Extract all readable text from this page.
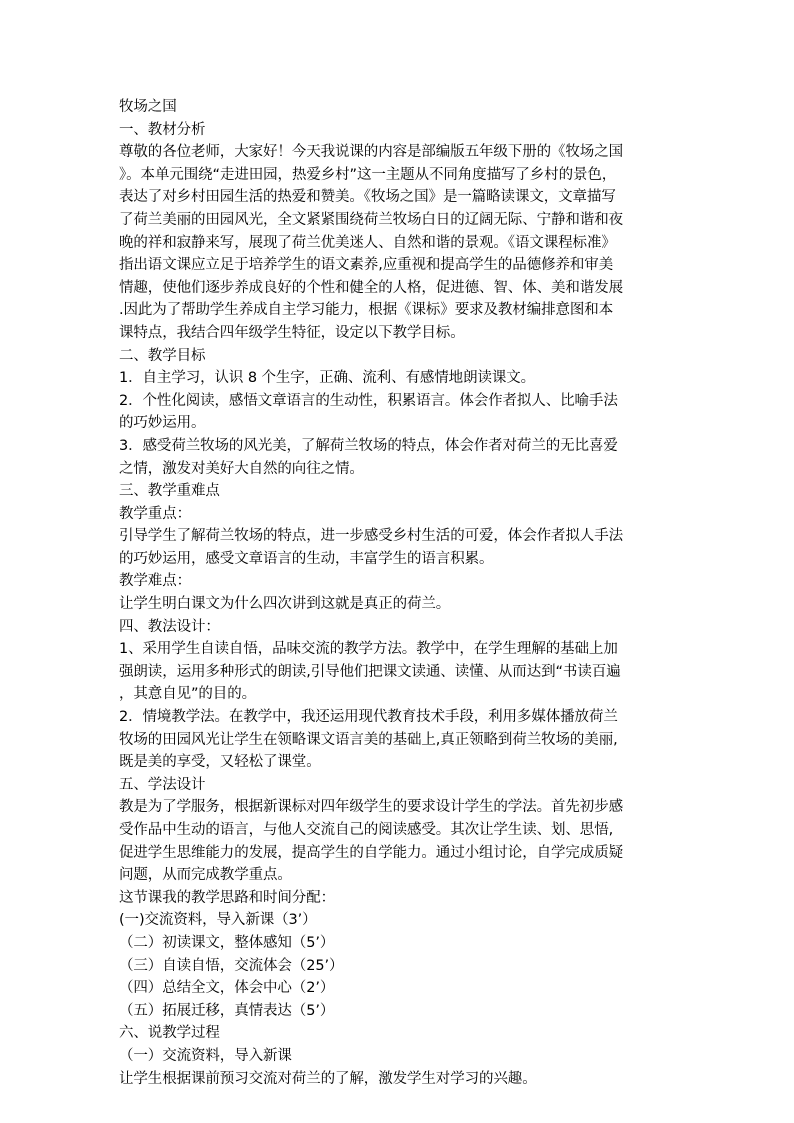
牧场之国
一、教材分析
尊敬的各位老师，大家好！今天我说课的内容是部编版五年级下册的《牧场之国
》。本单元围绕“走进田园，热爱乡村”这一主题从不同角度描写了乡村的景色，
表达了对乡村田园生活的热爱和赞美。《牧场之国》是一篇略读课文，文章描写
了荷兰美丽的田园风光，全文紧紧围绕荷兰牧场白日的辽阔无际、宁静和谐和夜
晚的祥和寂静来写，展现了荷兰优美迷人、自然和谐的景观。《语文课程标准》
指出语文课应立足于培养学生的语文素养,应重视和提高学生的品德修养和审美
情趣，使他们逐步养成良好的个性和健全的人格，促进德、智、体、美和谐发展
.因此为了帮助学生养成自主学习能力，根据《课标》要求及教材编排意图和本
课特点，我结合四年级学生特征，设定以下教学目标。
二、教学目标
1．自主学习，认识 8 个生字，正确、流利、有感情地朗读课文。
2．个性化阅读，感悟文章语言的生动性，积累语言。体会作者拟人、比喻手法
的巧妙运用。
3．感受荷兰牧场的风光美，了解荷兰牧场的特点，体会作者对荷兰的无比喜爱
之情，激发对美好大自然的向往之情。
三、教学重难点
教学重点：
引导学生了解荷兰牧场的特点，进一步感受乡村生活的可爱，体会作者拟人手法
的巧妙运用，感受文章语言的生动，丰富学生的语言积累。
教学难点：
让学生明白课文为什么四次讲到这就是真正的荷兰。
四、教法设计：
1、采用学生自读自悟，品味交流的教学方法。教学中，在学生理解的基础上加
强朗读，运用多种形式的朗读,引导他们把课文读通、读懂、从而达到“书读百遍
，其意自见”的目的。
2．情境教学法。在教学中，我还运用现代教育技术手段，利用多媒体播放荷兰
牧场的田园风光让学生在领略课文语言美的基础上,真正领略到荷兰牧场的美丽,
既是美的享受，又轻松了课堂。
五、学法设计
教是为了学服务，根据新课标对四年级学生的要求设计学生的学法。首先初步感
受作品中生动的语言，与他人交流自己的阅读感受。其次让学生读、划、思悟,
促进学生思维能力的发展，提高学生的自学能力。通过小组讨论，自学完成质疑
问题，从而完成教学重点。
这节课我的教学思路和时间分配：
(一)交流资料，导入新课（3’）
（二）初读课文，整体感知（5’）
（三）自读自悟，交流体会（25’）
（四）总结全文，体会中心（2’）
（五）拓展迁移，真情表达（5’）
六、说教学过程
（一）交流资料，导入新课
让学生根据课前预习交流对荷兰的了解，激发学生对学习的兴趣。
